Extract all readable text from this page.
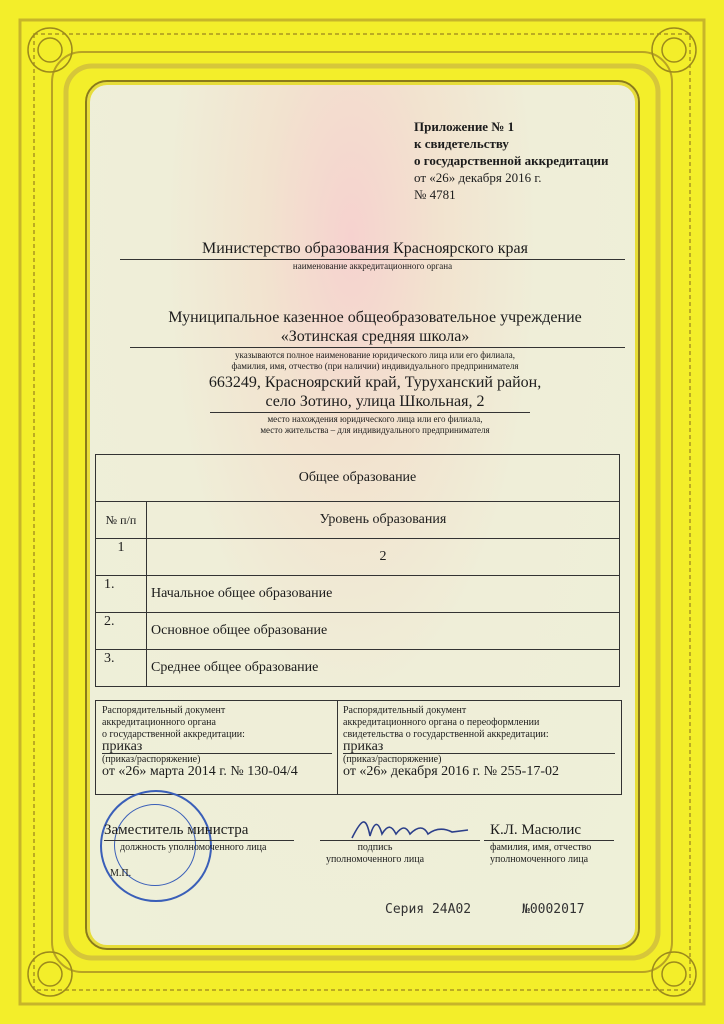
Приложение № 1
к свидетельству
о государственной аккредитации
от «26» декабря 2016 г.
№ 4781
Министерство образования Красноярского края
наименование аккредитационного органа
Муниципальное казенное общеобразовательное учреждение
«Зотинская средняя школа»
указываются полное наименование юридического лица или его филиала,
фамилия, имя, отчество (при наличии) индивидуального предпринимателя
663249, Красноярский край, Туруханский район,
село Зотино, улица Школьная, 2
место нахождения юридического лица или его филиала,
место жительства – для индивидуального предпринимателя
Общее образование	
№ п/п	Уровень образования
1	2
1.	Начальное общее образование
2.	Основное общее образование
3.	Среднее общее образование
Распорядительный документ
аккредитационного органа
о государственной аккредитации:
приказ
(приказ/распоряжение)
от «26» марта 2014 г. № 130-04/4
Распорядительный документ
аккредитационного органа о переоформлении
свидетельства о государственной аккредитации:
приказ
(приказ/распоряжение)
от «26» декабря 2016 г. № 255-17-02
Заместитель министра
должность уполномоченного лица
М.П.
подпись
уполномоченного лица
К.Л. Масюлис
фамилия, имя, отчество
уполномоченного лица
Серия 24А02	№0002017
